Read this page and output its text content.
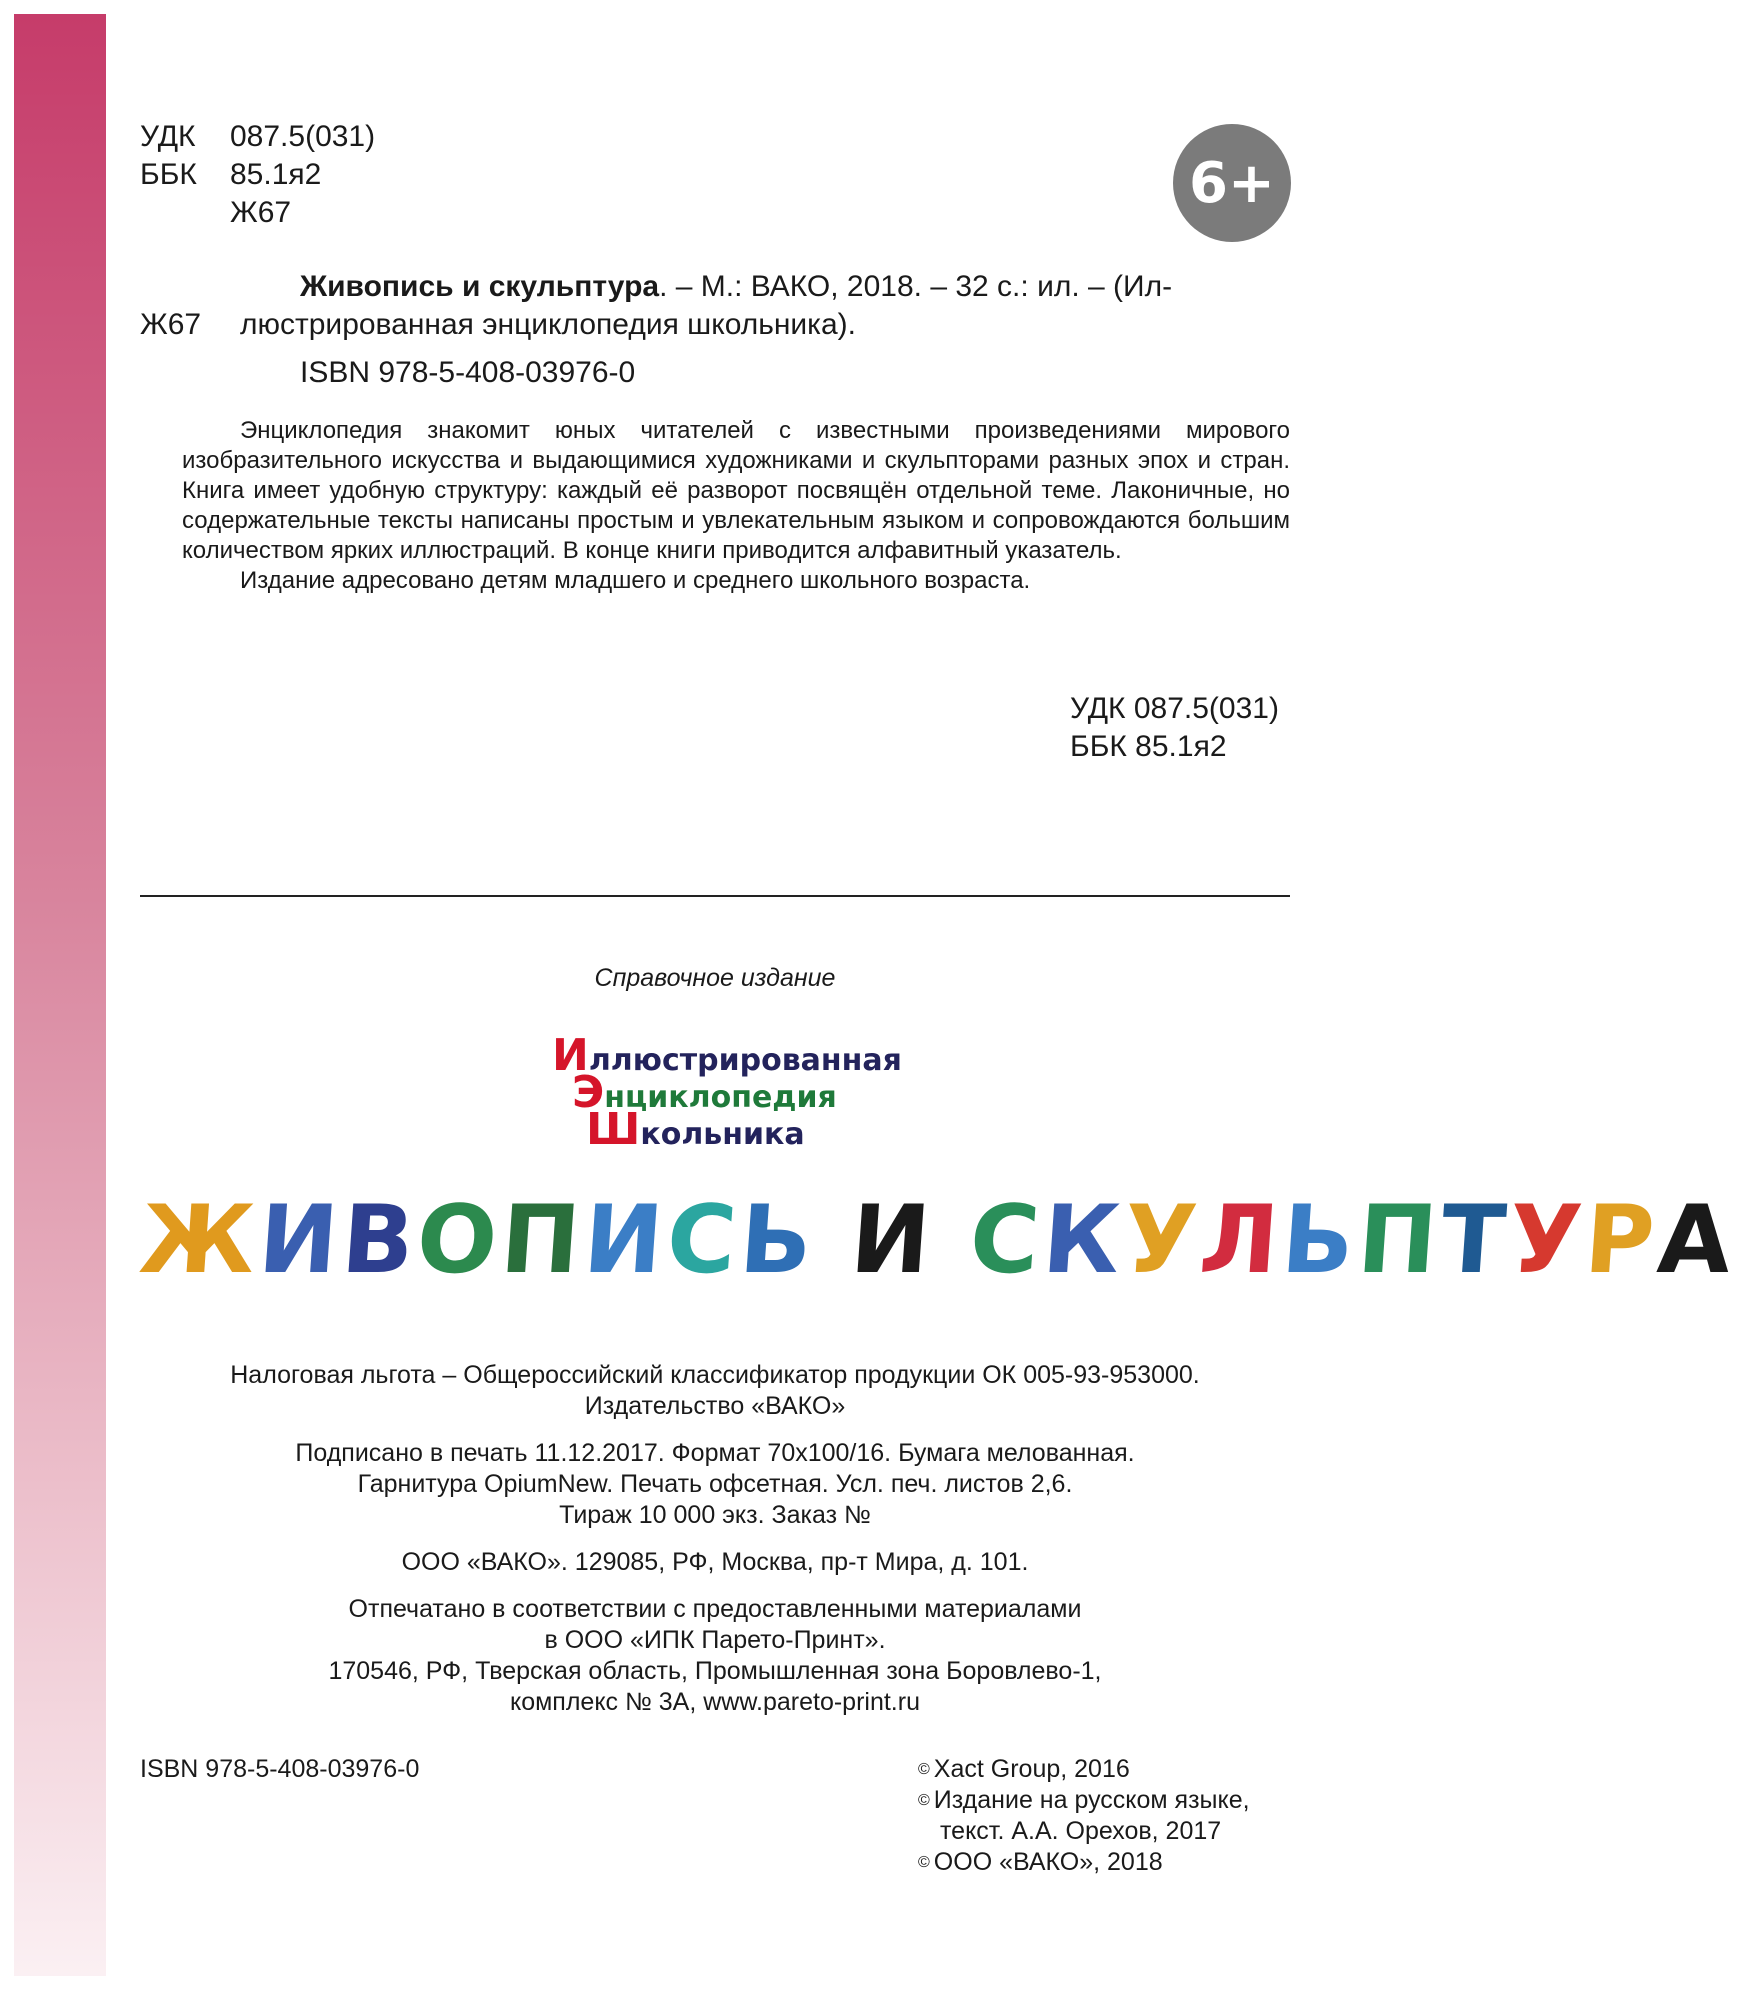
УДК 087.5(031)
ББК 85.1я2
Ж67	6+
Живопись и скульптура. – М.: ВАКО, 2018. – 32 с.: ил. – (Ил-
Ж67 люстрированная энциклопедия школьника).
ISBN 978-5-408-03976-0
Энциклопедия знакомит юных читателей с известными произведениями мирового изобразительного искусства и выдающимися художниками и скульпторами разных эпох и стран. Книга имеет удобную структуру: каждый её разворот посвящён отдельной теме. Лаконичные, но содержательные тексты написаны простым и увлекательным языком и сопровождаются большим количеством ярких иллюстраций. В конце книги приводится алфавитный указатель.
Издание адресовано детям младшего и среднего школьного возраста.
УДК 087.5(031)
ББК 85.1я2
Справочное издание
Иллюстрированная
Энциклопедия
Школьника
ЖИВОПИСЬ И СКУЛЬПТУРА
Налоговая льгота – Общероссийский классификатор продукции ОК 005-93-953000.
Издательство «ВАКО»
Подписано в печать 11.12.2017. Формат 70х100/16. Бумага мелованная.
Гарнитура OpiumNew. Печать офсетная. Усл. печ. листов 2,6.
Тираж 10 000 экз. Заказ №
ООО «ВАКО». 129085, РФ, Москва, пр-т Мира, д. 101.
Отпечатано в соответствии с предоставленными материалами
в ООО «ИПК Парето-Принт».
170546, РФ, Тверская область, Промышленная зона Боровлево-1,
комплекс № 3А, www.pareto-print.ru
ISBN 978-5-408-03976-0	© Xact Group, 2016
© Издание на русском языке,
текст. А.А. Орехов, 2017
© ООО «ВАКО», 2018
